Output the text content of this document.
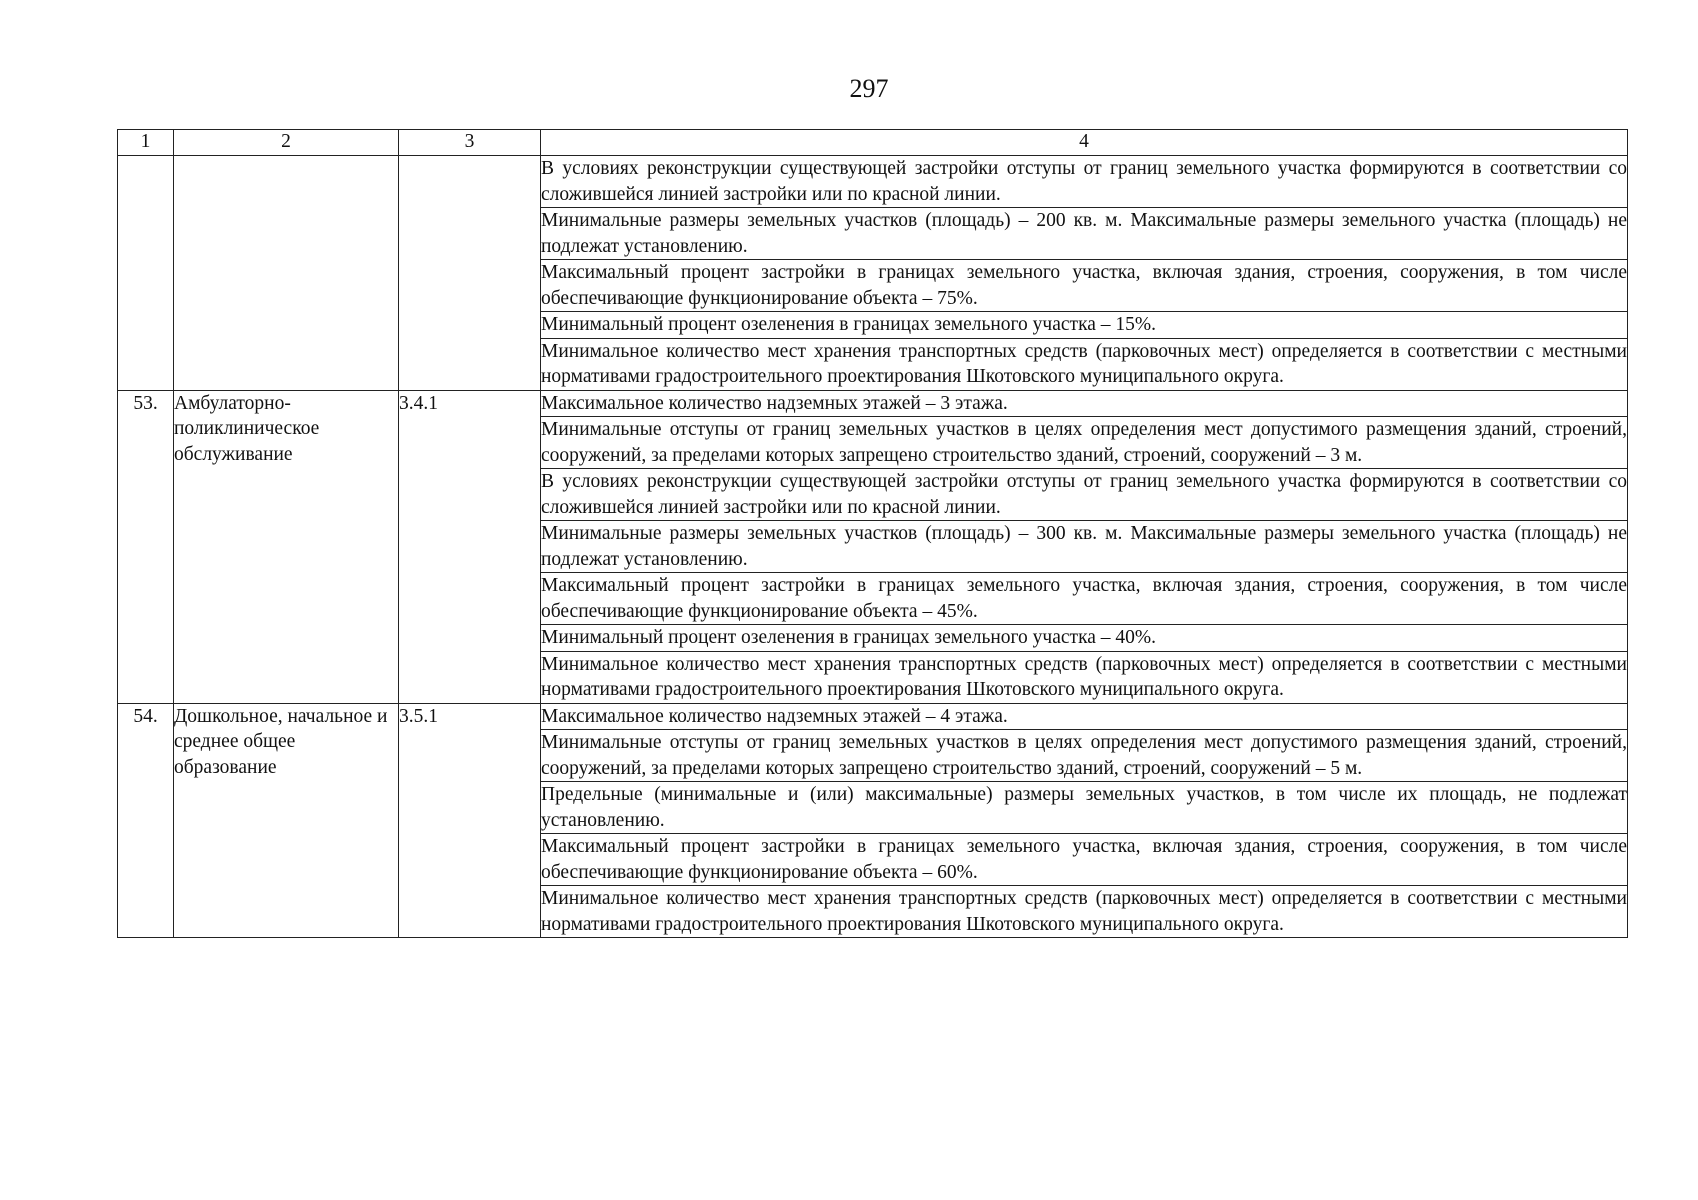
297
1	2	3	4
			В условиях реконструкции существующей застройки отступы от границ земельного участка формируются в соответствии со сложившейся линией застройки или по красной линии.
			Минимальные размеры земельных участков (площадь) – 200 кв. м. Максимальные размеры земельного участка (площадь) не подлежат установлению.
			Максимальный процент застройки в границах земельного участка, включая здания, строения, сооружения, в том числе обеспечивающие функционирование объекта – 75%.
			Минимальный процент озеленения в границах земельного участка – 15%.
			Минимальное количество мест хранения транспортных средств (парковочных мест) определяется в соответствии с местными нормативами градостроительного проектирования Шкотовского муниципального округа.
53.	Амбулаторно-поликлиническое обслуживание	3.4.1	Максимальное количество надземных этажей – 3 этажа.
			Минимальные отступы от границ земельных участков в целях определения мест допустимого размещения зданий, строений, сооружений, за пределами которых запрещено строительство зданий, строений, сооружений – 3 м.
			В условиях реконструкции существующей застройки отступы от границ земельного участка формируются в соответствии со сложившейся линией застройки или по красной линии.
			Минимальные размеры земельных участков (площадь) – 300 кв. м. Максимальные размеры земельного участка (площадь) не подлежат установлению.
			Максимальный процент застройки в границах земельного участка, включая здания, строения, сооружения, в том числе обеспечивающие функционирование объекта – 45%.
			Минимальный процент озеленения в границах земельного участка – 40%.
			Минимальное количество мест хранения транспортных средств (парковочных мест) определяется в соответствии с местными нормативами градостроительного проектирования Шкотовского муниципального округа.
54.	Дошкольное, начальное и среднее общее образование	3.5.1	Максимальное количество надземных этажей – 4 этажа.
			Минимальные отступы от границ земельных участков в целях определения мест допустимого размещения зданий, строений, сооружений, за пределами которых запрещено строительство зданий, строений, сооружений – 5 м.
			Предельные (минимальные и (или) максимальные) размеры земельных участков, в том числе их площадь, не подлежат установлению.
			Максимальный процент застройки в границах земельного участка, включая здания, строения, сооружения, в том числе обеспечивающие функционирование объекта – 60%.
			Минимальное количество мест хранения транспортных средств (парковочных мест) определяется в соответствии с местными нормативами градостроительного проектирования Шкотовского муниципального округа.
